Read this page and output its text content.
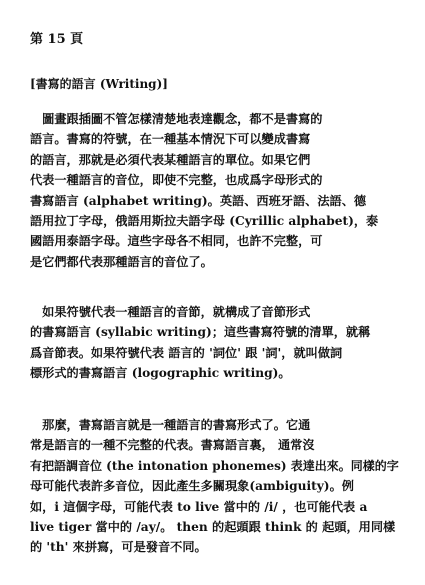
第 15 頁
[書寫的語言 (Writing)]
　圖畫跟插圖不管怎樣清楚地表達觀念，都不是書寫的
語言。書寫的符號，在一種基本情況下可以變成書寫
的語言，那就是必須代表某種語言的單位。如果它們
代表一種語言的音位，即使不完整，也成爲字母形式的
書寫語言 (alphabet writing)。英語、西班牙語、法語、德
語用拉丁字母，俄語用斯拉夫語字母 (Cyrillic alphabet)，泰
國語用泰語字母。這些字母各不相同，也許不完整，可
是它們都代表那種語言的音位了。
　如果符號代表一種語言的音節，就構成了音節形式
的書寫語言 (syllabic writing)；這些書寫符號的清單，就稱
爲音節表。如果符號代表 語言的 '詞位' 跟 '詞'，就叫做詞
標形式的書寫語言 (logographic writing)。
　那麼，書寫語言就是一種語言的書寫形式了。它通
常是語言的一種不完整的代表。書寫語言裏， 通常沒
有把語調音位 (the intonation phonemes) 表達出來。同樣的字
母可能代表許多音位，因此產生多關現象(ambiguity)。例
如，i 這個字母，可能代表 to live 當中的 /i/ ，也可能代表 a
live tiger 當中的 /ay/。 then 的起頭跟 think 的 起頭，用同樣
的 'th' 來拼寫，可是發音不同。
